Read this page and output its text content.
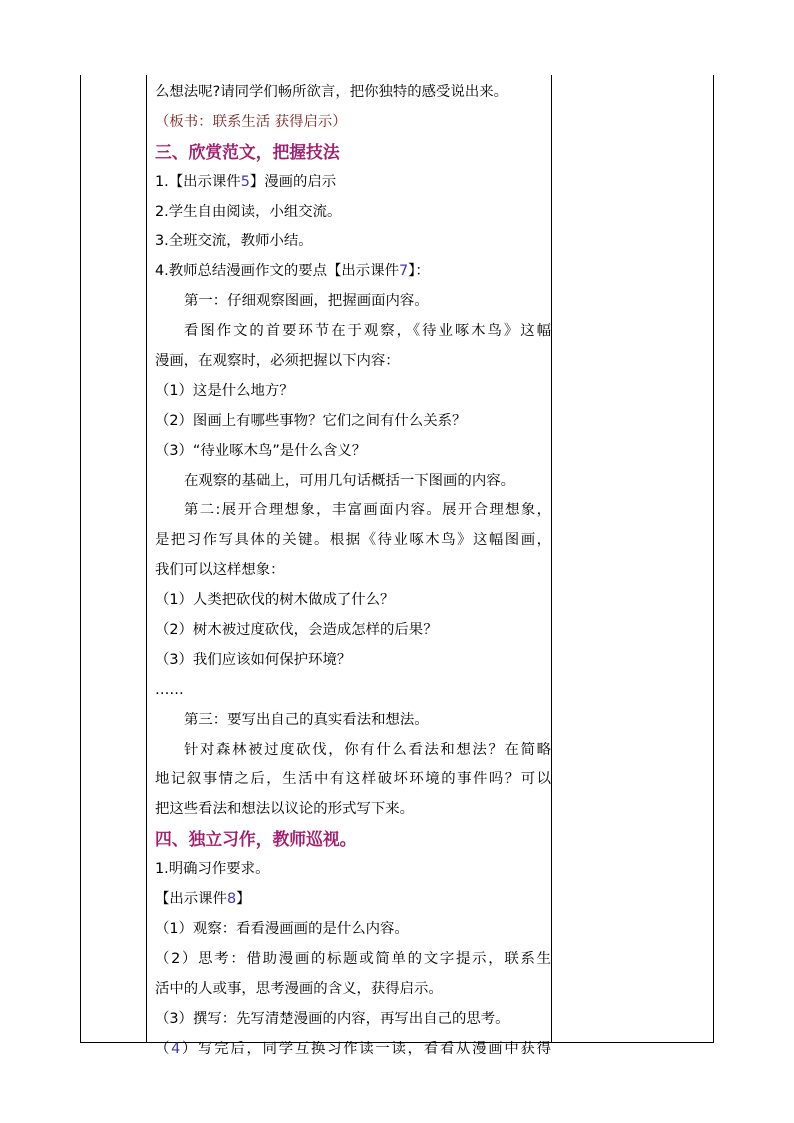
么想法呢?请同学们畅所欲言，把你独特的感受说出来。
（板书：联系生活 获得启示）
三、欣赏范文，把握技法
1.【出示课件5】漫画的启示
2.学生自由阅读，小组交流。
3.全班交流，教师小结。
4.教师总结漫画作文的要点【出示课件7】：
第一：仔细观察图画，把握画面内容。
看图作文的首要环节在于观察，《待业啄木鸟》这幅
漫画，在观察时，必须把握以下内容：
（1）这是什么地方？
（2）图画上有哪些事物？它们之间有什么关系？
（3）“待业啄木鸟”是什么含义？
在观察的基础上，可用几句话概括一下图画的内容。
第二:展开合理想象，丰富画面内容。展开合理想象，
是把习作写具体的关键。根据《待业啄木鸟》这幅图画，
我们可以这样想象：
（1）人类把砍伐的树木做成了什么？
（2）树木被过度砍伐，会造成怎样的后果？
（3）我们应该如何保护环境？
……
第三：要写出自己的真实看法和想法。
针对森林被过度砍伐，你有什么看法和想法？在简略
地记叙事情之后，生活中有这样破坏环境的事件吗？可以
把这些看法和想法以议论的形式写下来。
四、独立习作，教师巡视。
1.明确习作要求。
【出示课件8】
（1）观察：看看漫画画的是什么内容。
（2）思考：借助漫画的标题或简单的文字提示，联系生
活中的人或事，思考漫画的含义，获得启示。
（3）撰写：先写清楚漫画的内容，再写出自己的思考。
（4）写完后，同学互换习作读一读，看看从漫画中获得
